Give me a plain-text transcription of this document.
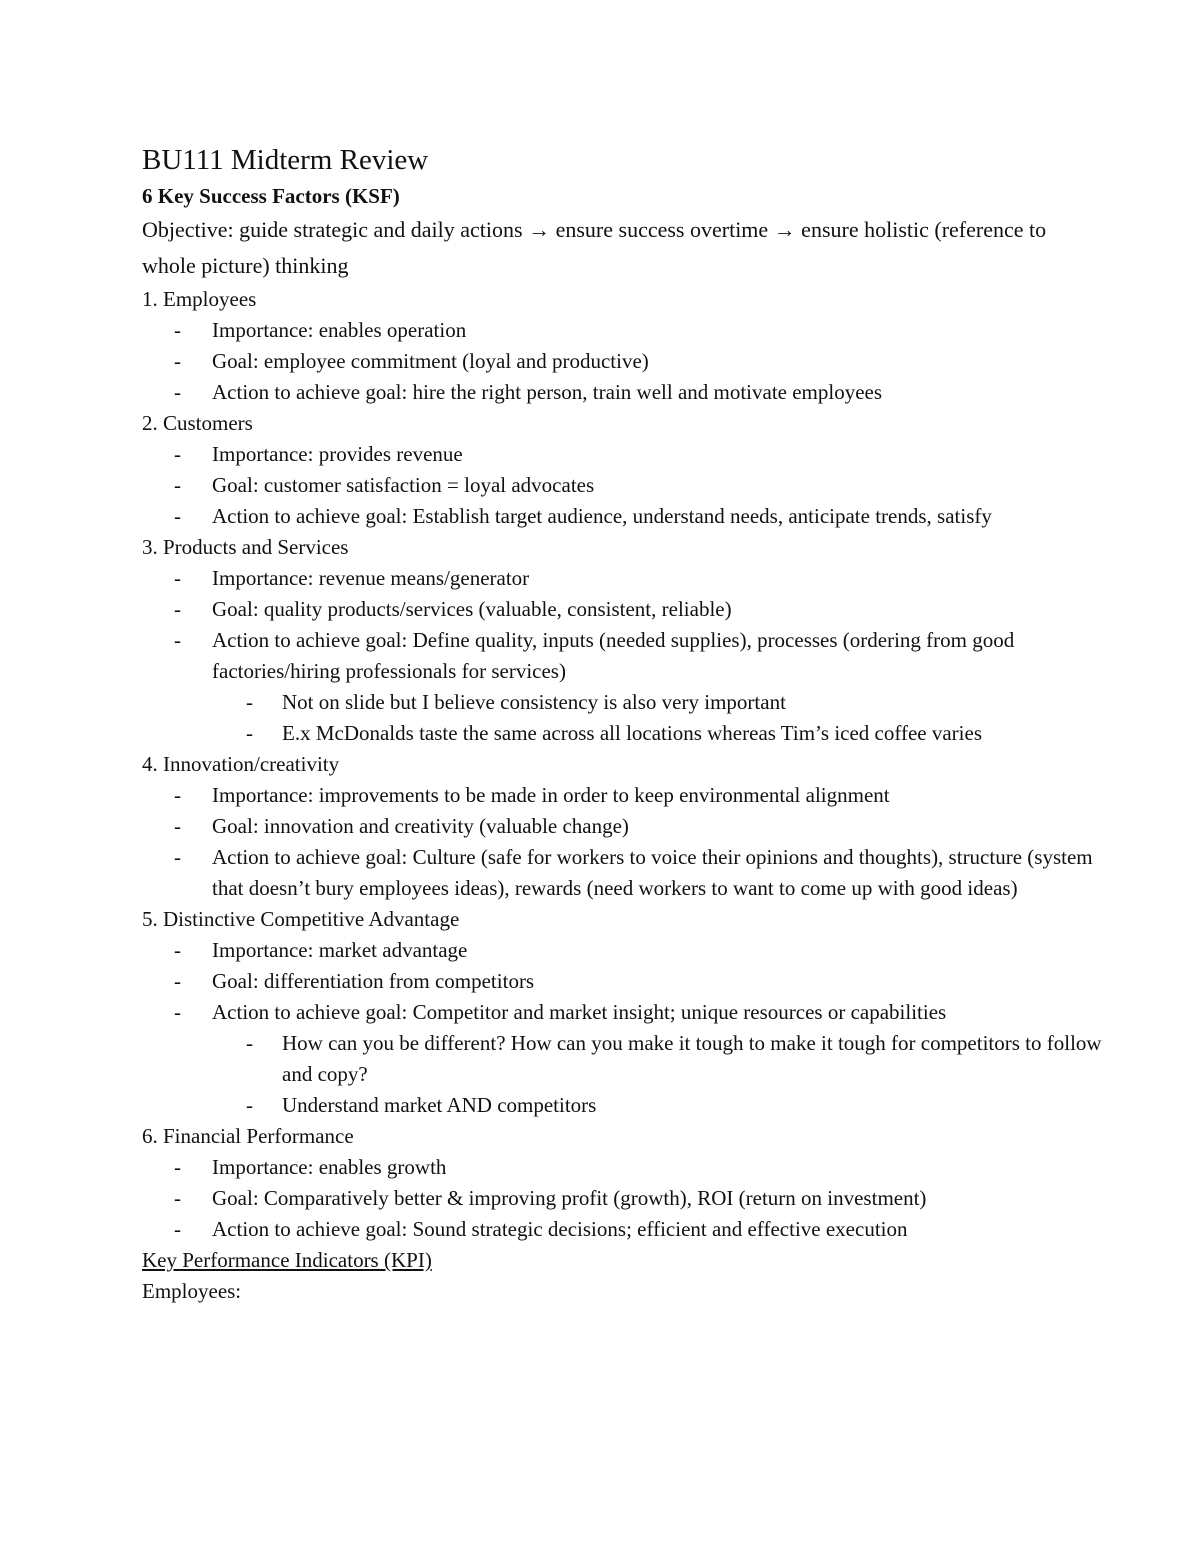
BU111 Midterm Review

6 Key Success Factors (KSF)

Objective: guide strategic and daily actions → ensure success overtime → ensure holistic (reference to whole picture) thinking

1. Employees

- Importance: enables operation
- Goal: employee commitment (loyal and productive)
- Action to achieve goal: hire the right person, train well and motivate employees

2. Customers

- Importance: provides revenue
- Goal: customer satisfaction = loyal advocates
- Action to achieve goal: Establish target audience, understand needs, anticipate trends, satisfy

3. Products and Services

- Importance: revenue means/generator
- Goal: quality products/services (valuable, consistent, reliable)
- Action to achieve goal: Define quality, inputs (needed supplies), processes (ordering from good factories/hiring professionals for services)
- Not on slide but I believe consistency is also very important
- E.x McDonalds taste the same across all locations whereas Tim’s iced coffee varies

4. Innovation/creativity

- Importance: improvements to be made in order to keep environmental alignment
- Goal: innovation and creativity (valuable change)
- Action to achieve goal: Culture (safe for workers to voice their opinions and thoughts), structure (system that doesn’t bury employees ideas), rewards (need workers to want to come up with good ideas)

5. Distinctive Competitive Advantage

- Importance: market advantage
- Goal: differentiation from competitors
- Action to achieve goal: Competitor and market insight; unique resources or capabilities
- How can you be different? How can you make it tough to make it tough for competitors to follow and copy?
- Understand market AND competitors

6. Financial Performance

- Importance: enables growth
- Goal: Comparatively better & improving profit (growth), ROI (return on investment)
- Action to achieve goal: Sound strategic decisions; efficient and effective execution

Key Performance Indicators (KPI)

Employees:
